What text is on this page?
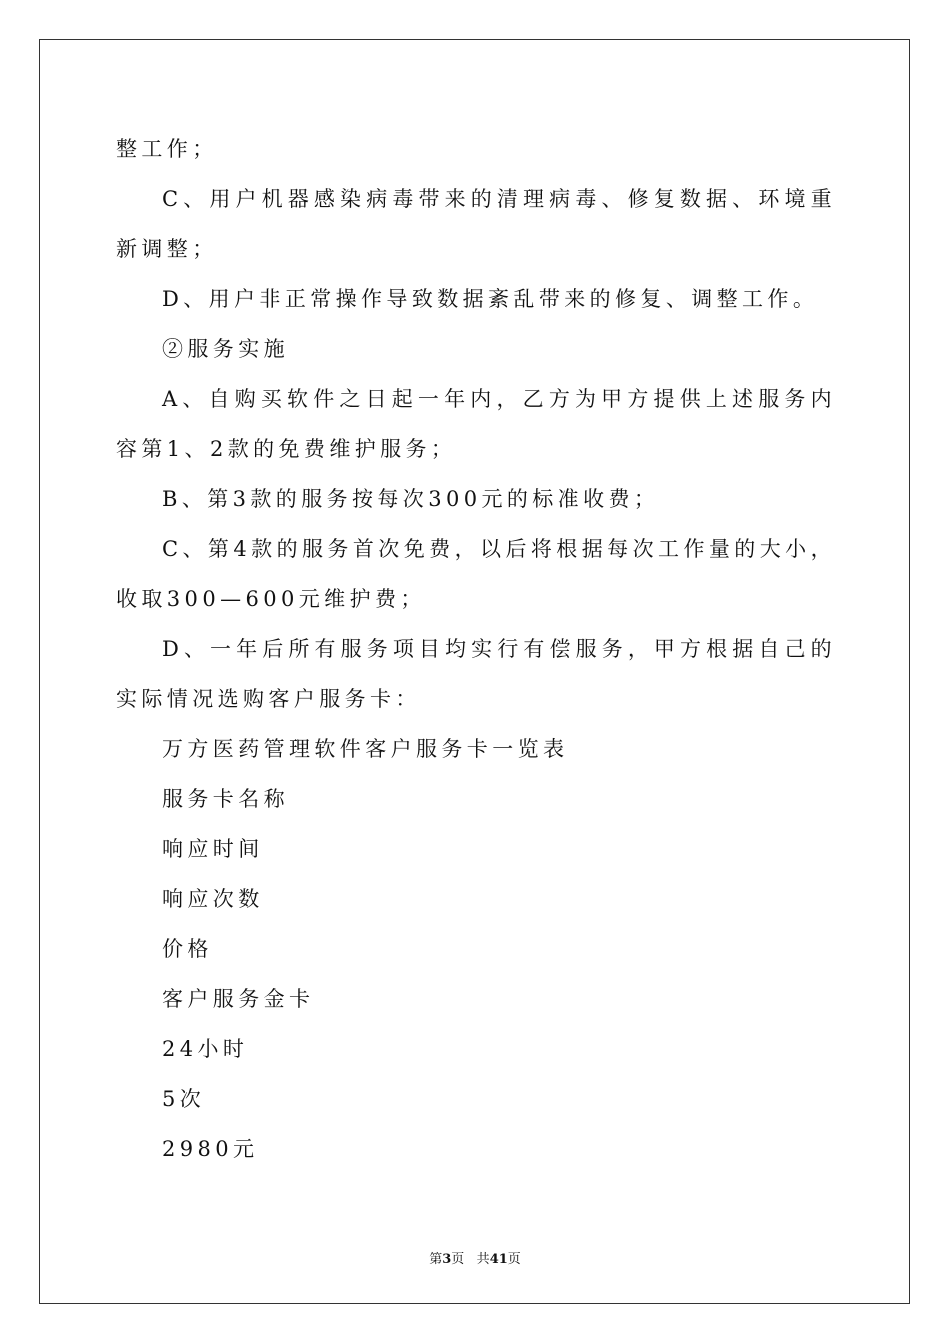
整工作；

C、用户机器感染病毒带来的清理病毒、修复数据、环境重新调整；

D、用户非正常操作导致数据紊乱带来的修复、调整工作。

②服务实施

A、自购买软件之日起一年内，乙方为甲方提供上述服务内容第1、2款的免费维护服务；

B、第3款的服务按每次300元的标准收费；

C、第4款的服务首次免费，以后将根据每次工作量的大小，收取300—600元维护费；

D、一年后所有服务项目均实行有偿服务，甲方根据自己的实际情况选购客户服务卡：

万方医药管理软件客户服务卡一览表

服务卡名称

响应时间

响应次数

价格

客户服务金卡

24小时

5次

2980元

第3页 共41页
